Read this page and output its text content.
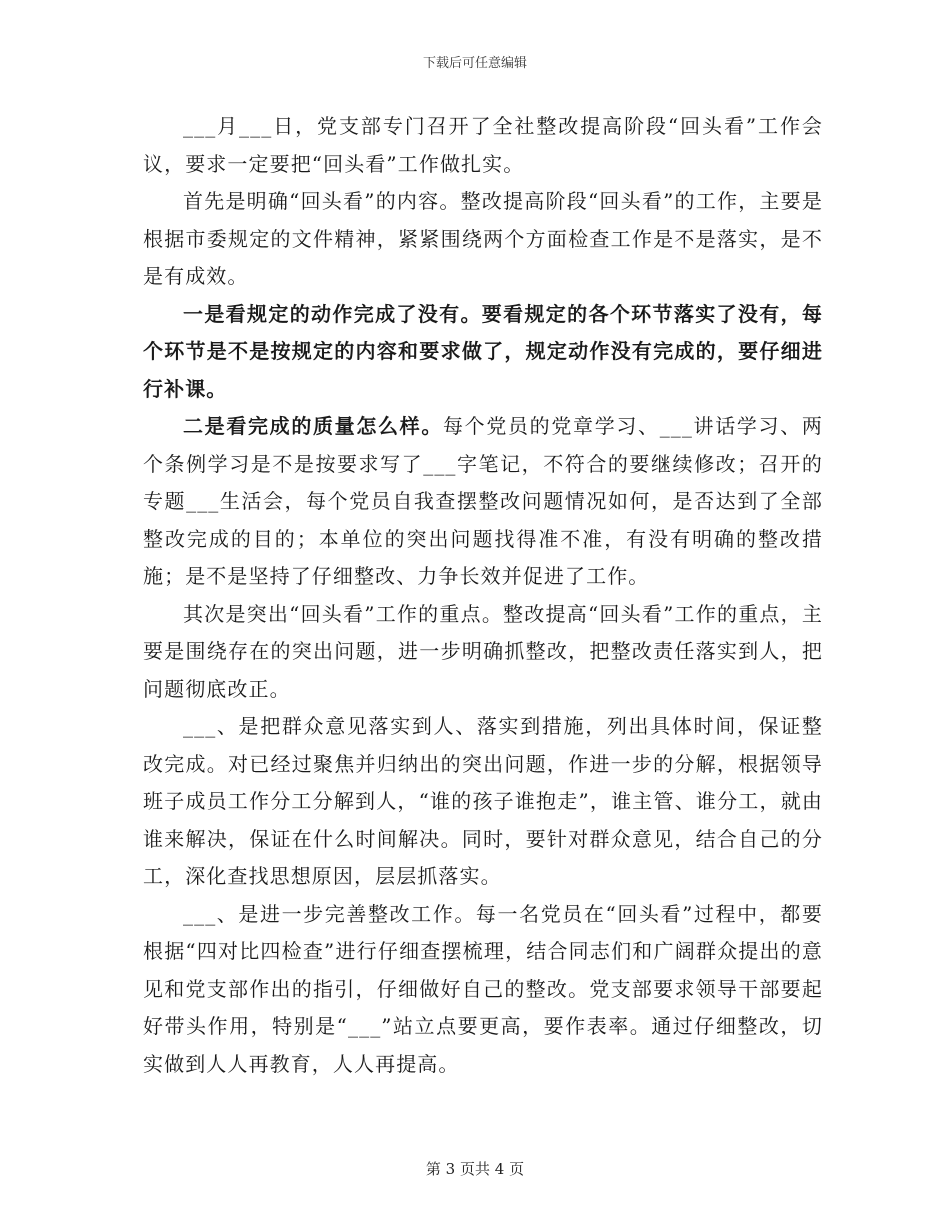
下载后可任意编辑

___月___日，党支部专门召开了全社整改提高阶段“回头看”工作会议，要求一定要把“回头看”工作做扎实。

首先是明确“回头看”的内容。整改提高阶段“回头看”的工作，主要是根据市委规定的文件精神，紧紧围绕两个方面检查工作是不是落实，是不是有成效。

一是看规定的动作完成了没有。要看规定的各个环节落实了没有，每个环节是不是按规定的内容和要求做了，规定动作没有完成的，要仔细进行补课。

二是看完成的质量怎么样。每个党员的党章学习、___讲话学习、两个条例学习是不是按要求写了___字笔记，不符合的要继续修改；召开的专题___生活会，每个党员自我查摆整改问题情况如何，是否达到了全部整改完成的目的；本单位的突出问题找得准不准，有没有明确的整改措施；是不是坚持了仔细整改、力争长效并促进了工作。

其次是突出“回头看”工作的重点。整改提高“回头看”工作的重点，主要是围绕存在的突出问题，进一步明确抓整改，把整改责任落实到人，把问题彻底改正。

___、是把群众意见落实到人、落实到措施，列出具体时间，保证整改完成。对已经过聚焦并归纳出的突出问题，作进一步的分解，根据领导班子成员工作分工分解到人，“谁的孩子谁抱走”，谁主管、谁分工，就由谁来解决，保证在什么时间解决。同时，要针对群众意见，结合自己的分工，深化查找思想原因，层层抓落实。

___、是进一步完善整改工作。每一名党员在“回头看”过程中，都要根据“四对比四检查”进行仔细查摆梳理，结合同志们和广阔群众提出的意见和党支部作出的指引，仔细做好自己的整改。党支部要求领导干部要起好带头作用，特别是“___”站立点要更高，要作表率。通过仔细整改，切实做到人人再教育，人人再提高。

第 3 页共 4 页
